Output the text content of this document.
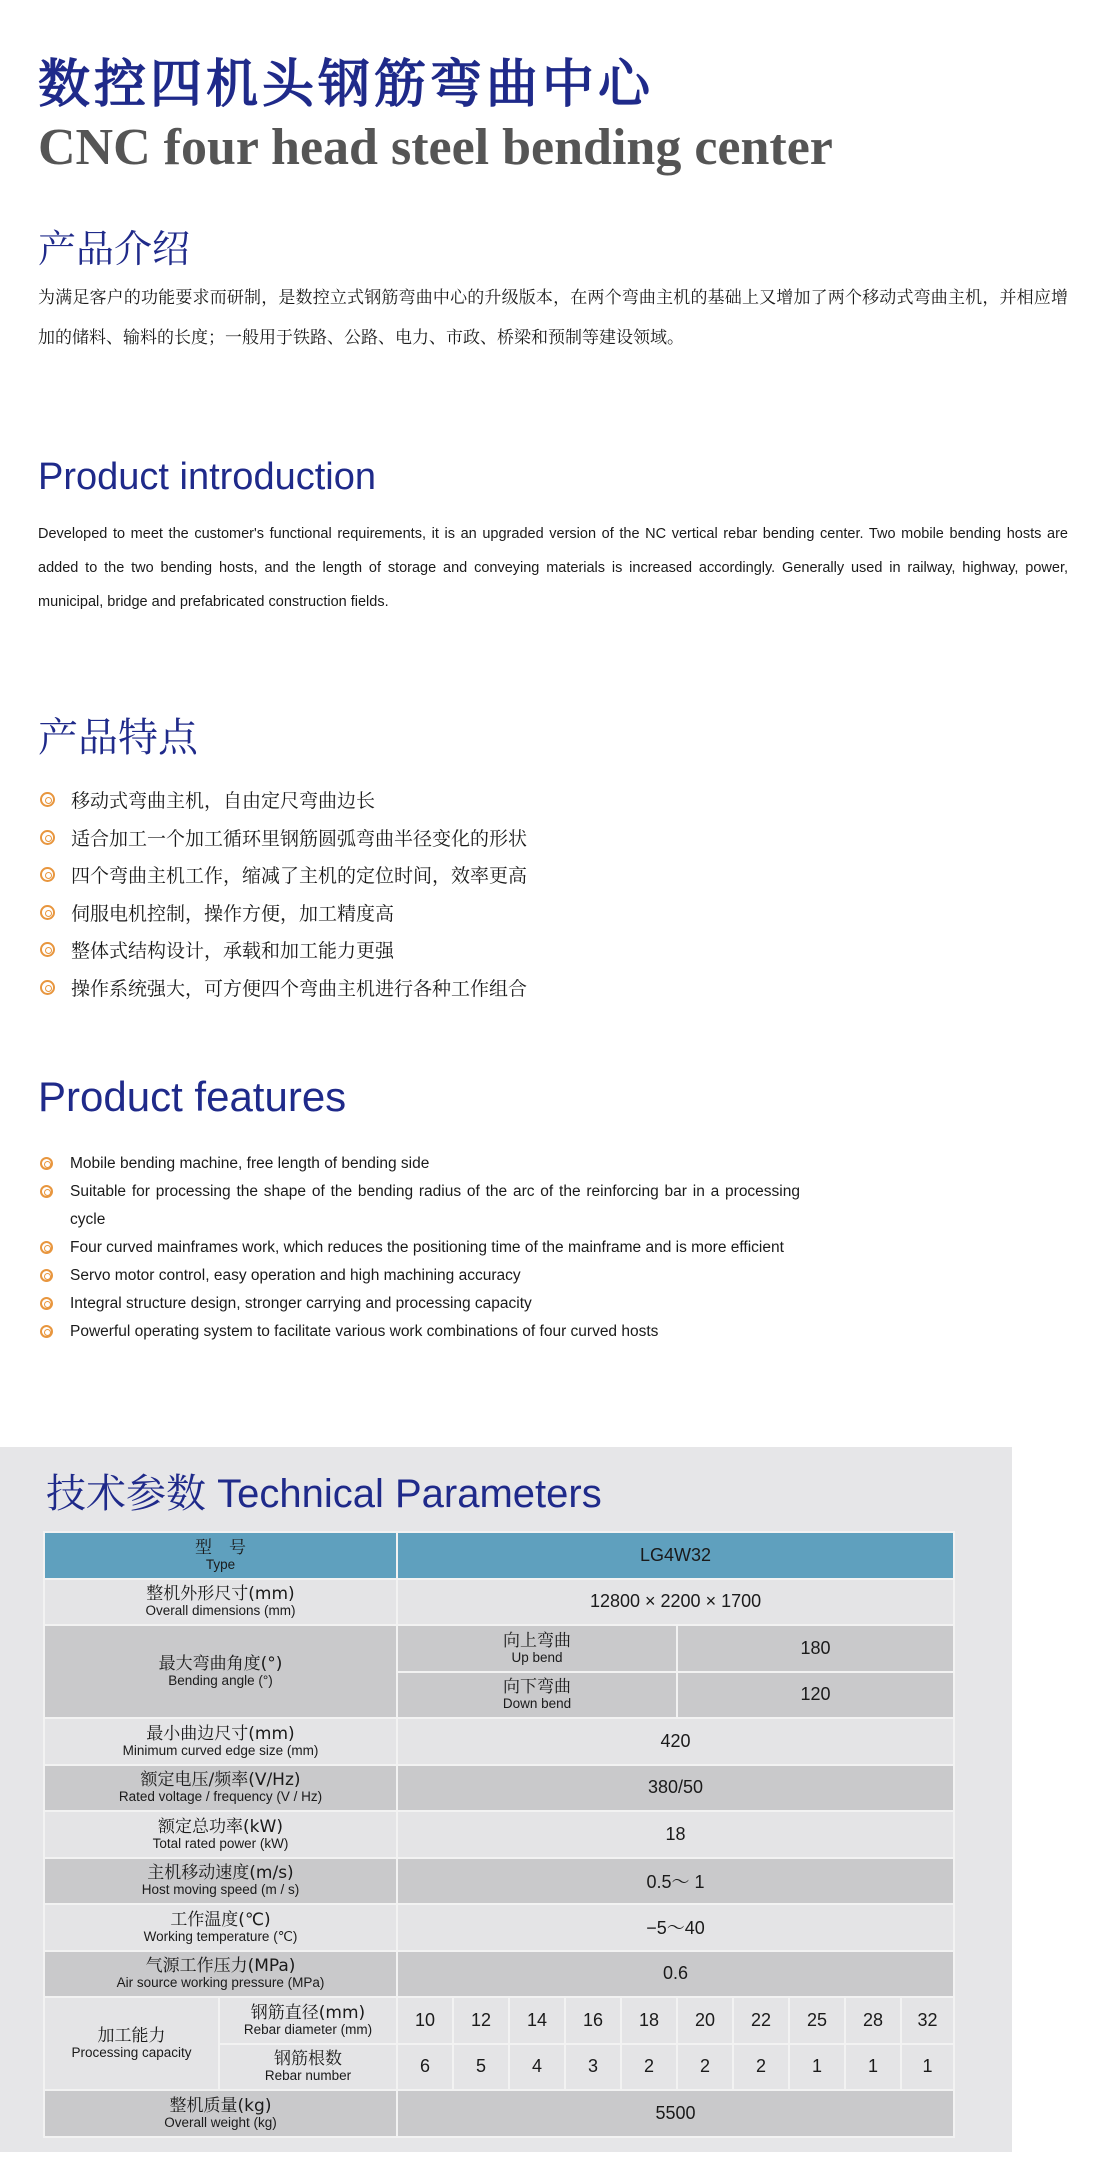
数控四机头钢筋弯曲中心
CNC four head steel bending center
产品介绍

为满足客户的功能要求而研制，是数控立式钢筋弯曲中心的升级版本，在两个弯曲主机的基础上又增加了两个移动式弯曲主机，并相应增加的储料、输料的长度；一般用于铁路、公路、电力、市政、桥梁和预制等建设领域。

Product introduction

Developed to meet the customer's functional requirements, it is an upgraded version of the NC vertical rebar bending center. Two mobile bending hosts are added to the two bending hosts, and the length of storage and conveying materials is increased accordingly. Generally used in railway, highway, power, municipal, bridge and prefabricated construction fields.

产品特点
移动式弯曲主机，自由定尺弯曲边长
适合加工一个加工循环里钢筋圆弧弯曲半径变化的形状
四个弯曲主机工作，缩减了主机的定位时间，效率更高
伺服电机控制，操作方便，加工精度高
整体式结构设计，承载和加工能力更强
操作系统强大，可方便四个弯曲主机进行各种工作组合
Product features
Mobile bending machine, free length of bending side
Suitable for processing the shape of the bending radius of the arc of the reinforcing bar in a processing cycle
Four curved mainframes work, which reduces the positioning time of the mainframe and is more efficient
Servo motor control, easy operation and high machining accuracy
Integral structure design, stronger carrying and processing capacity
Powerful operating system to facilitate various work combinations of four curved hosts
技术参数 Technical Parameters
型　号
Type		LG4W32									

整机外形尺寸(mm)
Overall dimensions (mm)		12800 × 2200 × 1700									

最大弯曲角度(°)
Bending angle (°)		向上弯曲
Up bend					180				

		向下弯曲
Down bend					120				

最小曲边尺寸(mm)
Minimum curved edge size (mm)		420									

额定电压/频率(V/Hz)
Rated voltage / frequency (V / Hz)		380/50									

额定总功率(kW)
Total rated power (kW)		18									

主机移动速度(m/s)
Host moving speed (m / s)		0.5～ 1									

工作温度(℃)
Working temperature (℃)		−5～40									

气源工作压力(MPa)
Air source working pressure (MPa)		0.6									

加工能力
Processing capacity	钢筋直径(mm)
Rebar diameter (mm)	10	12	14	16	18	20	22	25	28	32

	钢筋根数
Rebar number	6	5	4	3	2	2	2	1	1	1

整机质量(kg)
Overall weight (kg)		5500									
